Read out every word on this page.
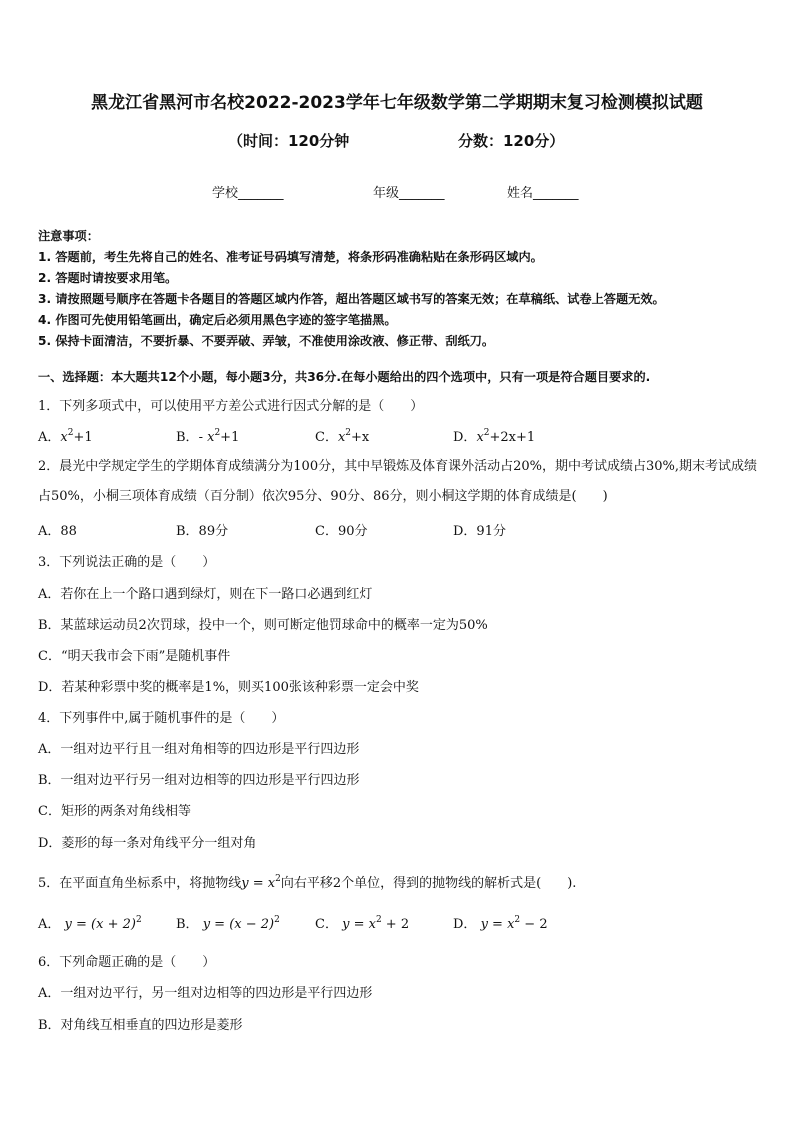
黑龙江省黑河市名校2022-2023学年七年级数学第二学期期末复习检测模拟试题
（时间：120分钟	分数：120分）
学校_______	年级_______	姓名_______
注意事项：
1. 答题前，考生先将自己的姓名、准考证号码填写清楚，将条形码准确粘贴在条形码区域内。
2. 答题时请按要求用笔。
3. 请按照题号顺序在答题卡各题目的答题区域内作答，超出答题区域书写的答案无效；在草稿纸、试卷上答题无效。
4. 作图可先使用铅笔画出，确定后必须用黑色字迹的签字笔描黑。
5. 保持卡面清洁，不要折暴、不要弄破、弄皱，不准使用涂改液、修正带、刮纸刀。
一、选择题：本大题共12个小题，每小题3分，共36分.在每小题给出的四个选项中，只有一项是符合题目要求的.
1．下列多项式中，可以使用平方差公式进行因式分解的是（　　）
A．$x^2+1$	B．- $x^2+1$	C．$x^2+x$	D．$x^2+2x+1$
2．晨光中学规定学生的学期体育成绩满分为100分，其中早锻炼及体育课外活动占20%，期中考试成绩占30%,期末考试成绩占50%，小桐三项体育成绩（百分制）依次95分、90分、86分，则小桐这学期的体育成绩是(　　)
A．88	B．89分	C．90分	D．91分
3．下列说法正确的是（　　）
A．若你在上一个路口遇到绿灯，则在下一路口必遇到红灯
B．某蓝球运动员2次罚球，投中一个，则可断定他罚球命中的概率一定为50%
C．“明天我市会下雨”是随机事件
D．若某种彩票中奖的概率是1%，则买100张该种彩票一定会中奖
4．下列事件中,属于随机事件的是（　　）
A．一组对边平行且一组对角相等的四边形是平行四边形
B．一组对边平行另一组对边相等的四边形是平行四边形
C．矩形的两条对角线相等
D．菱形的每一条对角线平分一组对角
5．在平面直角坐标系中，将抛物线$y = x^2$向右平移2个单位，得到的抛物线的解析式是(　　).
A． $y = (x + 2)^2$	B． $y = (x - 2)^2$	C． $y = x^2 + 2$	D． $y = x^2 - 2$
6．下列命题正确的是（　　）
A．一组对边平行，另一组对边相等的四边形是平行四边形
B．对角线互相垂直的四边形是菱形
